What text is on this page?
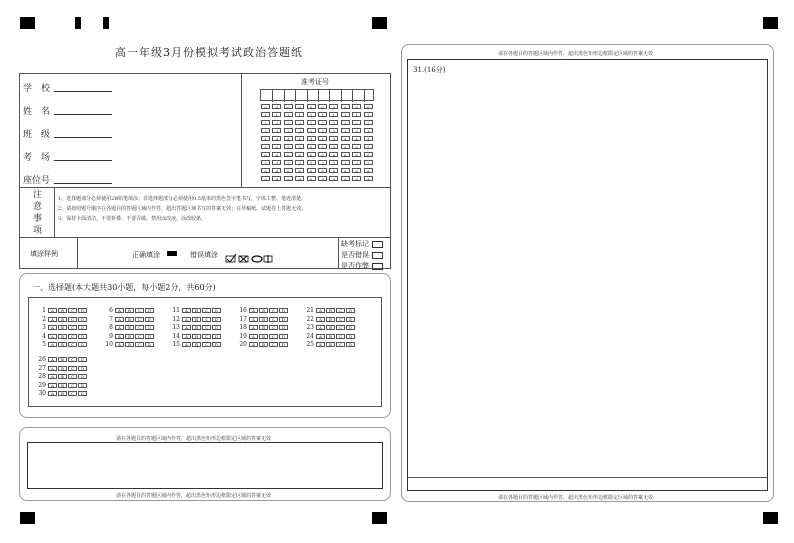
高一年级3月份模拟考试政治答题纸
学　校
姓　名
班　级
考　场
座位号
准考证号
0	0	0	0	0	0	0	0	0	0
1	1	1	1	1	1	1	1	1	1
2	2	2	2	2	2	2	2	2	2
3	3	3	3	3	3	3	3	3	3
4	4	4	4	4	4	4	4	4	4
5	5	5	5	5	5	5	5	5	5
6	6	6	6	6	6	6	6	6	6
7	7	7	7	7	7	7	7	7	7
8	8	8	8	8	8	8	8	8	8
9	9	9	9	9	9	9	9	9	9
注
意
事
项
1、选择题部分必须使用2B铅笔填涂；非选择题部分必须使用0.5毫米的黑色签字笔书写，字体工整、笔迹清楚。
2、请按照题号顺序在各题目的答题区域内作答，超出答题区域书写的答案无效；在草稿纸、试题卷上答题无效。
3、保持卡面清洁，不要折叠、不要弄破，禁用涂改液，涂改胶条。
填涂样例	正确填涂	错误填涂
缺考标记
是否错误
是否作弊
一、选择题(本大题共30小题，每小题2分，共60分)
1 A B C D
2 A B C D
3 A B C D
4 A B C D
5 A B C D
6 A B C D
7 A B C D
8 A B C D
9 A B C D
10 A B C D
11 A B C D
12 A B C D
13 A B C D
14 A B C D
15 A B C D
16 A B C D
17 A B C D
18 A B C D
19 A B C D
20 A B C D
21 A B C D
22 A B C D
23 A B C D
24 A B C D
25 A B C D
26 A B C D
27 A B C D
28 A B C D
29 A B C D
30 A B C D
请在各题目的答题区域内作答，超出黑色矩形边框限定区域的答案无效
请在各题目的答题区域内作答，超出黑色矩形边框限定区域的答案无效
请在各题目的答题区域内作答，超出黑色矩形边框限定区域的答案无效
31.(16分)
请在各题目的答题区域内作答，超出黑色矩形边框限定区域的答案无效
